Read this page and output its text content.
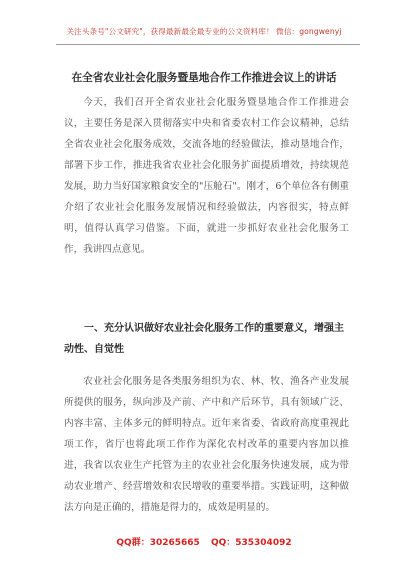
关注头条号"公文研究"，获得最新最全最专业的公文资料库！ 微信：gongwenyj
在全省农业社会化服务暨垦地合作工作推进会议上的讲话

今天，我们召开全省农业社会化服务暨垦地合作工作推进会议，主要任务是深入贯彻落实中央和省委农村工作会议精神，总结全省农业社会化服务成效，交流各地的经验做法，推动垦地合作，部署下步工作，推进我省农业社会化服务扩面提质增效，持续规范发展，助力当好国家粮食安全的"压舱石"。刚才，6个单位各有侧重介绍了农业社会化服务发展情况和经验做法，内容很实，特点鲜明，值得认真学习借鉴。下面，就进一步抓好农业社会化服务工作，我讲四点意见。

一、充分认识做好农业社会化服务工作的重要意义，增强主动性、自觉性

农业社会化服务是各类服务组织为农、林、牧、渔各产业发展所提供的服务，纵向涉及产前、产中和产后环节，具有领域广泛、内容丰富、主体多元的鲜明特点。近年来省委、省政府高度重视此项工作，省厅也将此项工作作为深化农村改革的重要内容加以推进，我省以农业生产托管为主的农业社会化服务快速发展，成为带动农业增产、经营增效和农民增收的重要举措。实践证明，这种做法方向是正确的，措施是得力的，成效是明显的。

QQ群：30265665 QQ：535304092
